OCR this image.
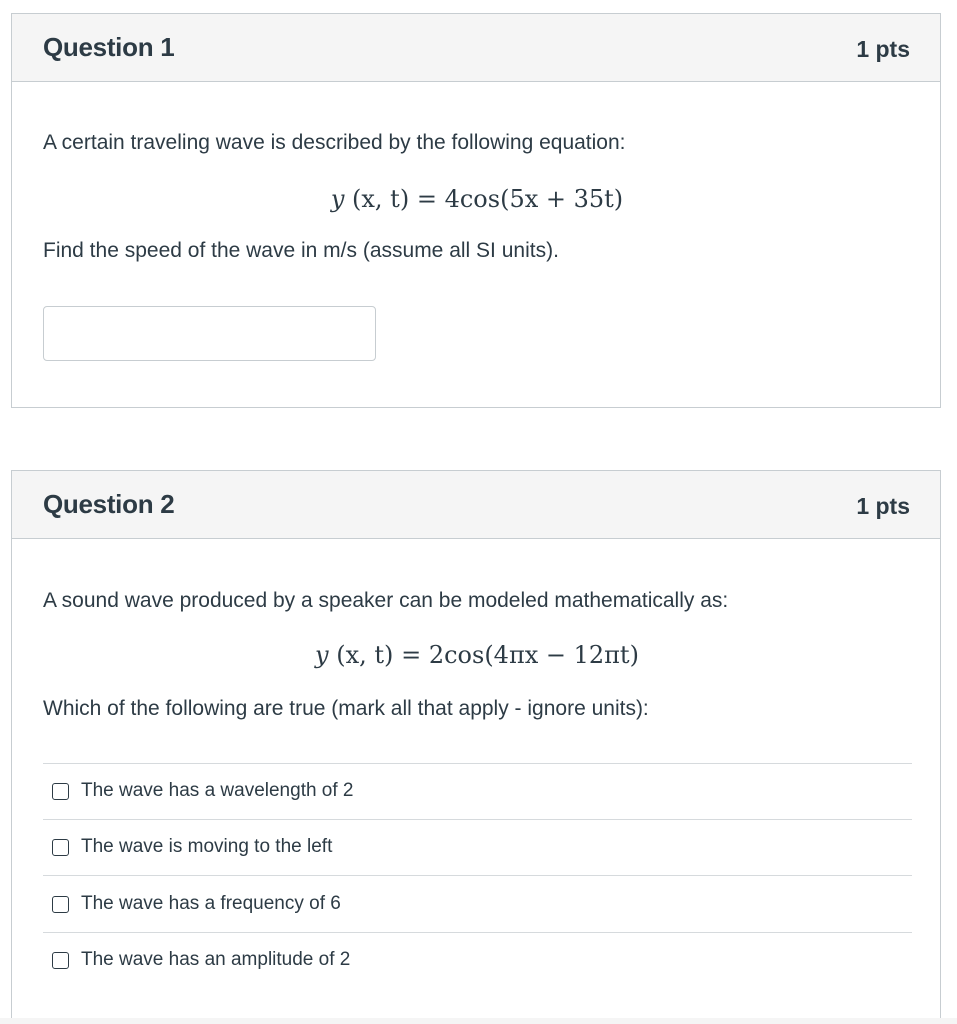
Question 1	1 pts
A certain traveling wave is described by the following equation:
y (x, t) = 4cos(5x + 35t)
Find the speed of the wave in m/s (assume all SI units).
Question 2	1 pts
A sound wave produced by a speaker can be modeled mathematically as:
y (x, t) = 2cos(4πx − 12πt)
Which of the following are true (mark all that apply - ignore units):
The wave has a wavelength of 2
The wave is moving to the left
The wave has a frequency of 6
The wave has an amplitude of 2
